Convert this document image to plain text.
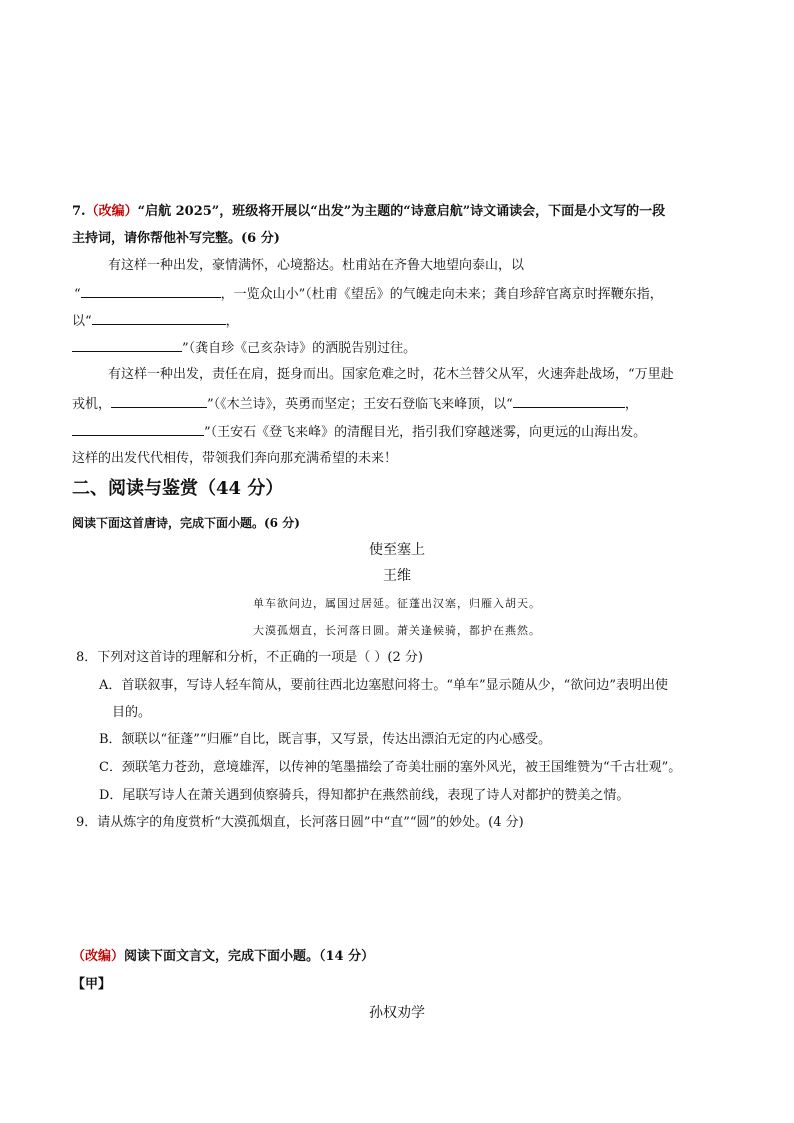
7.（改编）“启航 2025”，班级将开展以“出发”为主题的“诗意启航”诗文诵读会，下面是小文写的一段
主持词，请你帮他补写完整。(6 分)
有这样一种出发，豪情满怀，心境豁达。杜甫站在齐鲁大地望向泰山，以
“	，一览众山小”（杜甫《望岳》的气魄走向未来；龚自珍辞官离京时挥鞭东指，
以“	，
”（龚自珍《己亥杂诗》的洒脱告别过往。
有这样一种出发，责任在肩，挺身而出。国家危难之时，花木兰替父从军，火速奔赴战场，“万里赴
戎机，	”（《木兰诗》，英勇而坚定；王安石登临飞来峰顶，以“	，
”（王安石《登飞来峰》的清醒目光，指引我们穿越迷雾，向更远的山海出发。
这样的出发代代相传，带领我们奔向那充满希望的未来！
二、阅读与鉴赏（44 分）
阅读下面这首唐诗，完成下面小题。(6 分)
使至塞上
王维
单车欲问边，属国过居延。征蓬出汉塞，归雁入胡天。
大漠孤烟直，长河落日圆。萧关逢候骑，都护在燕然。
8．下列对这首诗的理解和分析，不正确的一项是（ ）(2 分)
A．首联叙事，写诗人轻车简从，要前往西北边塞慰问将士。“单车”显示随从少，“欲问边”表明出使
目的。
B．颔联以“征蓬”“归雁”自比，既言事，又写景，传达出漂泊无定的内心感受。
C．颈联笔力苍劲，意境雄浑，以传神的笔墨描绘了奇美壮丽的塞外风光，被王国维赞为“千古壮观”。
D．尾联写诗人在萧关遇到侦察骑兵，得知都护在燕然前线，表现了诗人对都护的赞美之情。
9．请从炼字的角度赏析“大漠孤烟直，长河落日圆”中“直”“圆”的妙处。(4 分)
（改编）阅读下面文言文，完成下面小题。（14 分）
【甲】
孙权劝学
